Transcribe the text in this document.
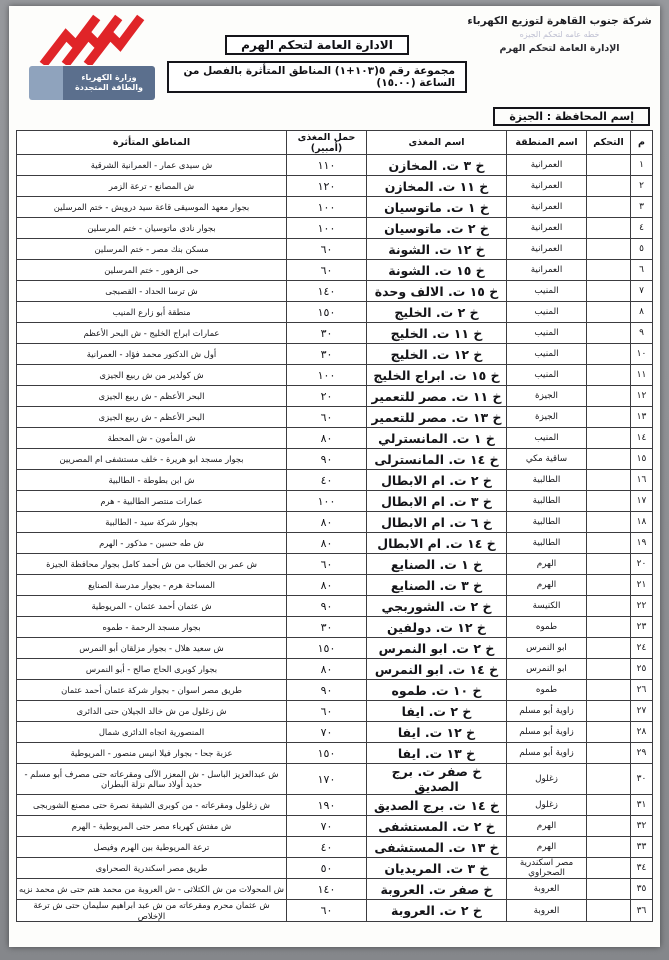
شركة جنوب القاهرة لتوزيع الكهرباء
خطه عامه لتحكم الجيزه
الإدارة العامة لتحكم الهرم
الادارة العامة لتحكم الهرم
مجموعة رقم ٥(١٠٣+١) المناطق المتأثرة بالفصل من الساعة (١٥.٠٠)
وزارة الكهرباء
والطاقة المتجددة
إسم المحافظة : الجيزة
م	التحكم	اسم المنطقة	اسم المغذى	حمل المغذى (أمبير)	المناطق المتأثرة
١		العمرانية	خ ٣ ت. المخازن	١١٠	ش سيدى عمار - العمرانية الشرقية
٢		العمرانية	خ ١١ ت. المخازن	١٢٠	ش المصانع - ترعة الزمر
٣		العمرانية	خ ١ ت. ماتوسيان	١٠٠	بجوار معهد الموسيقى قاعة سيد درويش - ختم المرسلين
٤		العمرانية	خ ٢ ت. ماتوسيان	١٠٠	بجوار نادى ماتوسيان - ختم المرسلين
٥		العمرانية	خ ١٢ ت. الشونة	٦٠	مسكن بنك مصر - ختم المرسلين
٦		العمرانية	خ ١٥ ت. الشونة	٦٠	حى الزهور - ختم المرسلين
٧		المنيب	خ ١٥ ت. الالف وحدة	١٤٠	ش ترسا الحداد - القصبجى
٨		المنيب	خ ٢ ت. الخليج	١٥٠	منطقة أبو زارع المنيب
٩		المنيب	خ ١١ ت. الخليج	٣٠	عمارات ابراج الخليج - ش البحر الأعظم
١٠		المنيب	خ ١٢ ت. الخليج	٣٠	أول ش الدكتور محمد فؤاد - العمرانية
١١		المنيب	خ ١٥ ت. ابراج الخليج	١٠٠	ش كولدير من ش ربيع الجيزى
١٢		الجيزة	خ ١١ ت. مصر للتعمير	٢٠	البحر الأعظم - ش ربيع الجيزى
١٣		الجيزة	خ ١٣ ت. مصر للتعمير	٦٠	البحر الأعظم - ش ربيع الجيزى
١٤		المنيب	خ ١ ت. المانسترلي	٨٠	ش المأمون - ش المحطة
١٥		ساقية مكي	خ ١٤ ت. المانسترلى	٩٠	بجوار مسجد ابو هريرة - خلف مستشفى ام المصريين
١٦		الطالبية	خ ٢ ت. ام الابطال	٤٠	ش ابن بطوطة - الطالبية
١٧		الطالبية	خ ٣ ت. ام الابطال	١٠٠	عمارات منتصر الطالبية - هرم
١٨		الطالبية	خ ٦ ت. ام الابطال	٨٠	بجوار شركة سيد - الطالبية
١٩		الطالبية	خ ١٤ ت. ام الابطال	٨٠	ش طه حسين - مذكور - الهرم
٢٠		الهرم	خ ١ ت. الصنايع	٦٠	ش عمر بن الخطاب من ش أحمد كامل بجوار محافظة الجيزة
٢١		الهرم	خ ٣ ت. الصنايع	٨٠	المساحة هرم - بجوار مدرسة الصنايع
٢٢		الكنيسة	خ ٢ ت. الشوربجي	٩٠	ش عثمان أحمد عثمان - المريوطية
٢٣		طموه	خ ١٢ ت. دولفين	٣٠	بجوار مسجد الرحمة - طموه
٢٤		ابو النمرس	خ ٢ ت. ابو النمرس	١٥٠	ش سعيد هلال - بجوار مزلقان أبو النمرس
٢٥		ابو النمرس	خ ١٤ ت. ابو النمرس	٨٠	بجوار كوبرى الحاج صالح - أبو النمرس
٢٦		طموه	خ ١٠ ت. طموه	٩٠	طريق مصر اسوان - بجوار شركة عثمان أحمد عثمان
٢٧		زاوية أبو مسلم	خ ٢ ت. ايفا	٦٠	ش زغلول من ش خالد الجيلان حتى الدائرى
٢٨		زاوية أبو مسلم	خ ١٢ ت. ايفا	٧٠	المنصورية اتجاه الدائرى شمال
٢٩		زاوية أبو مسلم	خ ١٣ ت. ايفا	١٥٠	عزبة جحا - بجوار فيلا انيس منصور - المريوطية
٣٠		زغلول	خ صفر ت. برج الصديق	١٧٠	ش عبدالعزيز الباسل - ش المعزر الآلى ومقرعاته حتى مصرف أبو مسلم - حديد أولاد سالم نزلة البطران
٣١		زغلول	خ ١٤ ت. برج الصديق	١٩٠	ش زغلول ومقرعاته - من كوبرى الشيفة نصرة حتى مصنع الشوربجى
٣٢		الهرم	خ ٢ ت. المستشفى	٧٠	ش مفتش كهرباء مصر حتى المريوطية - الهرم
٣٣		الهرم	خ ١٣ ت. المستشفى	٤٠	ترعة المريوطية بين الهرم وفيصل
٣٤		مصر اسكندرية الصحراوي	خ ٣ ت. المريديان	٥٠	طريق مصر اسكندرية الصحراوى
٣٥		العروبة	خ صفر ت. العروبة	١٤٠	ش المحولات من ش الكثلاثى - ش العروبة من محمد هتم حتى ش محمد نزيه
٣٦		العروبة	خ ٢ ت. العروبة	٦٠	ش عثمان محرم ومقرعاته من ش عبد ابراهيم سليمان حتى ش ترعة الإخلاص
